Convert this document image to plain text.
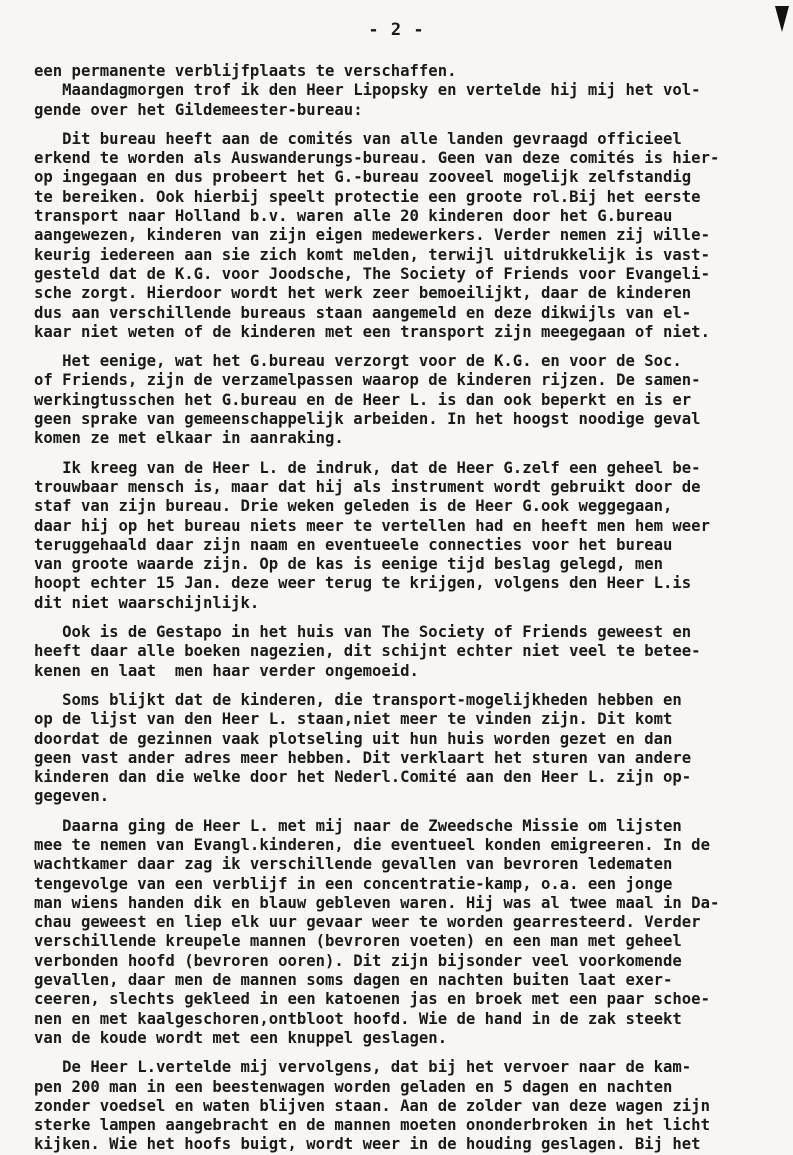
- 2 -
een permanente verblijfplaats te verschaffen.
Maandagmorgen trof ik den Heer Lipopsky en vertelde hij mij het vol-
gende over het Gildemeester-bureau:
Dit bureau heeft aan de comités van alle landen gevraagd officieel
erkend te worden als Auswanderungs-bureau. Geen van deze comités is hier-
op ingegaan en dus probeert het G.-bureau zooveel mogelijk zelfstandig
te bereiken. Ook hierbij speelt protectie een groote rol.Bij het eerste
transport naar Holland b.v. waren alle 20 kinderen door het G.bureau
aangewezen, kinderen van zijn eigen medewerkers. Verder nemen zij wille-
keurig iedereen aan sie zich komt melden, terwijl uitdrukkelijk is vast-
gesteld dat de K.G. voor Joodsche, The Society of Friends voor Evangeli-
sche zorgt. Hierdoor wordt het werk zeer bemoeilijkt, daar de kinderen
dus aan verschillende bureaus staan aangemeld en deze dikwijls van el-
kaar niet weten of de kinderen met een transport zijn meegegaan of niet.
Het eenige, wat het G.bureau verzorgt voor de K.G. en voor de Soc.
of Friends, zijn de verzamelpassen waarop de kinderen rijzen. De samen-
werkingtusschen het G.bureau en de Heer L. is dan ook beperkt en is er
geen sprake van gemeenschappelijk arbeiden. In het hoogst noodige geval
komen ze met elkaar in aanraking.
Ik kreeg van de Heer L. de indruk, dat de Heer G.zelf een geheel be-
trouwbaar mensch is, maar dat hij als instrument wordt gebruikt door de
staf van zijn bureau. Drie weken geleden is de Heer G.ook weggegaan,
daar hij op het bureau niets meer te vertellen had en heeft men hem weer
teruggehaald daar zijn naam en eventueele connecties voor het bureau
van groote waarde zijn. Op de kas is eenige tijd beslag gelegd, men
hoopt echter 15 Jan. deze weer terug te krijgen, volgens den Heer L.is
dit niet waarschijnlijk.
Ook is de Gestapo in het huis van The Society of Friends geweest en
heeft daar alle boeken nagezien, dit schijnt echter niet veel te betee-
kenen en laat  men haar verder ongemoeid.
Soms blijkt dat de kinderen, die transport-mogelijkheden hebben en
op de lijst van den Heer L. staan,niet meer te vinden zijn. Dit komt
doordat de gezinnen vaak plotseling uit hun huis worden gezet en dan
geen vast ander adres meer hebben. Dit verklaart het sturen van andere
kinderen dan die welke door het Nederl.Comité aan den Heer L. zijn op-
gegeven.
Daarna ging de Heer L. met mij naar de Zweedsche Missie om lijsten
mee te nemen van Evangl.kinderen, die eventueel konden emigreeren. In de
wachtkamer daar zag ik verschillende gevallen van bevroren ledematen
tengevolge van een verblijf in een concentratie-kamp, o.a. een jonge
man wiens handen dik en blauw gebleven waren. Hij was al twee maal in Da-
chau geweest en liep elk uur gevaar weer te worden gearresteerd. Verder
verschillende kreupele mannen (bevroren voeten) en een man met geheel
verbonden hoofd (bevroren ooren). Dit zijn bijsonder veel voorkomende
gevallen, daar men de mannen soms dagen en nachten buiten laat exer-
ceeren, slechts gekleed in een katoenen jas en broek met een paar schoe-
nen en met kaalgeschoren,ontbloot hoofd. Wie de hand in de zak steekt
van de koude wordt met een knuppel geslagen.
De Heer L.vertelde mij vervolgens, dat bij het vervoer naar de kam-
pen 200 man in een beestenwagen worden geladen en 5 dagen en nachten
zonder voedsel en waten blijven staan. Aan de zolder van deze wagen zijn
sterke lampen aangebracht en de mannen moeten ononderbroken in het licht
kijken. Wie het hoofs buigt, wordt weer in de houding geslagen. Bij het
